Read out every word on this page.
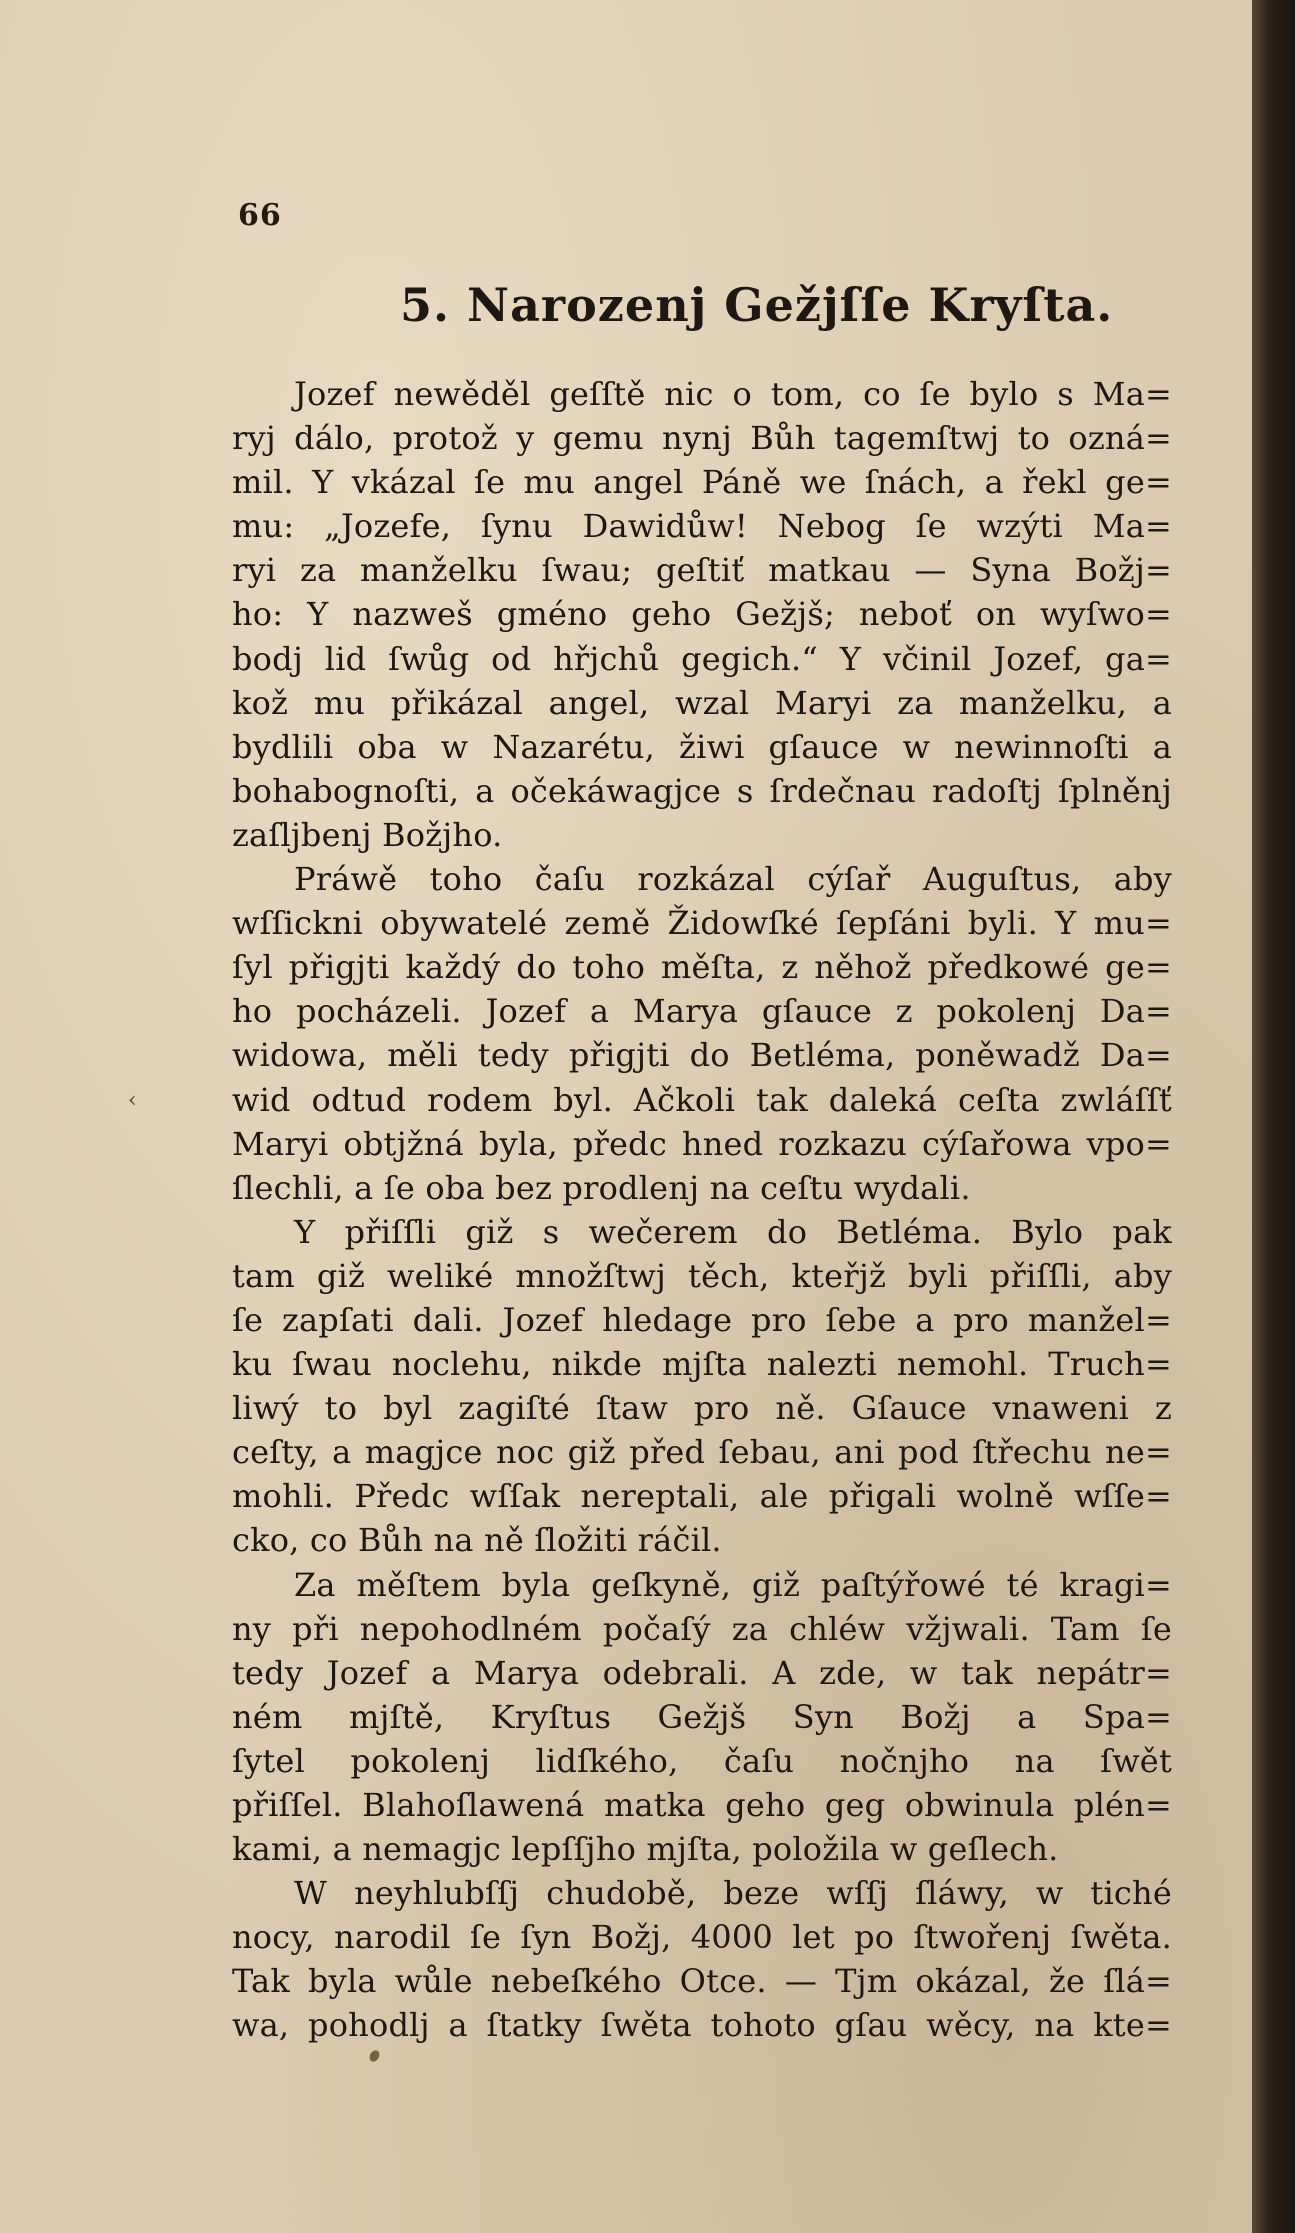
66
5. Narozenj Gežjſſe Kryſta.
‹
Jozef newěděl geſſtě nic o tom, co ſe bylo s Ma=
ryj dálo, protož y gemu nynj Bůh tagemſtwj to ozná=
mil. Y vkázal ſe mu angel Páně we ſnách, a řekl ge=
mu: „Jozefe, ſynu Dawidůw! Nebog ſe wzýti Ma=
ryi za manželku ſwau; geſtiť matkau — Syna Božj=
ho: Y nazweš gméno geho Gežjš; neboť on wyſwo=
bodj lid ſwůg od hřjchů gegich.“ Y včinil Jozef, ga=
kož mu přikázal angel, wzal Maryi za manželku, a
bydlili oba w Nazarétu, žiwi gſauce w newinnoſti a
bohabognoſti, a očekáwagjce s ſrdečnau radoſtj ſplněnj
zaſljbenj Božjho.
Práwě toho čaſu rozkázal cýſař Auguſtus, aby
wſſickni obywatelé země Židowſké ſepſáni byli. Y mu=
ſyl přigjti každý do toho měſta, z něhož předkowé ge=
ho pocházeli. Jozef a Marya gſauce z pokolenj Da=
widowa, měli tedy přigjti do Betléma, poněwadž Da=
wid odtud rodem byl. Ačkoli tak daleká ceſta zwláſſť
Maryi obtjžná byla, předc hned rozkazu cýſařowa vpo=
ſlechli, a ſe oba bez prodlenj na ceſtu wydali.
Y přiſſli giž s wečerem do Betléma. Bylo pak
tam giž weliké množſtwj těch, kteřjž byli přiſſli, aby
ſe zapſati dali. Jozef hledage pro ſebe a pro manžel=
ku ſwau noclehu, nikde mjſta nalezti nemohl. Truch=
liwý to byl zagiſté ſtaw pro ně. Gſauce vnaweni z
ceſty, a magjce noc giž před ſebau, ani pod ſtřechu ne=
mohli. Předc wſſak nereptali, ale přigali wolně wſſe=
cko, co Bůh na ně ſložiti ráčil.
Za měſtem byla geſkyně, giž paſtýřowé té kragi=
ny při nepohodlném počaſý za chléw vžjwali. Tam ſe
tedy Jozef a Marya odebrali. A zde, w tak nepátr=
ném mjſtě, Kryſtus Gežjš Syn Božj a Spa=
ſytel pokolenj lidſkého, čaſu nočnjho na ſwět
přiſſel. Blahoſlawená matka geho geg obwinula plén=
kami, a nemagjc lepſſjho mjſta, položila w geſlech.
W neyhlubſſj chudobě, beze wſſj ſláwy, w tiché
nocy, narodil ſe ſyn Božj, 4000 let po ſtwořenj ſwěta.
Tak byla wůle nebeſkého Otce. — Tjm okázal, že ſlá=
wa, pohodlj a ſtatky ſwěta tohoto gſau wěcy, na kte=
